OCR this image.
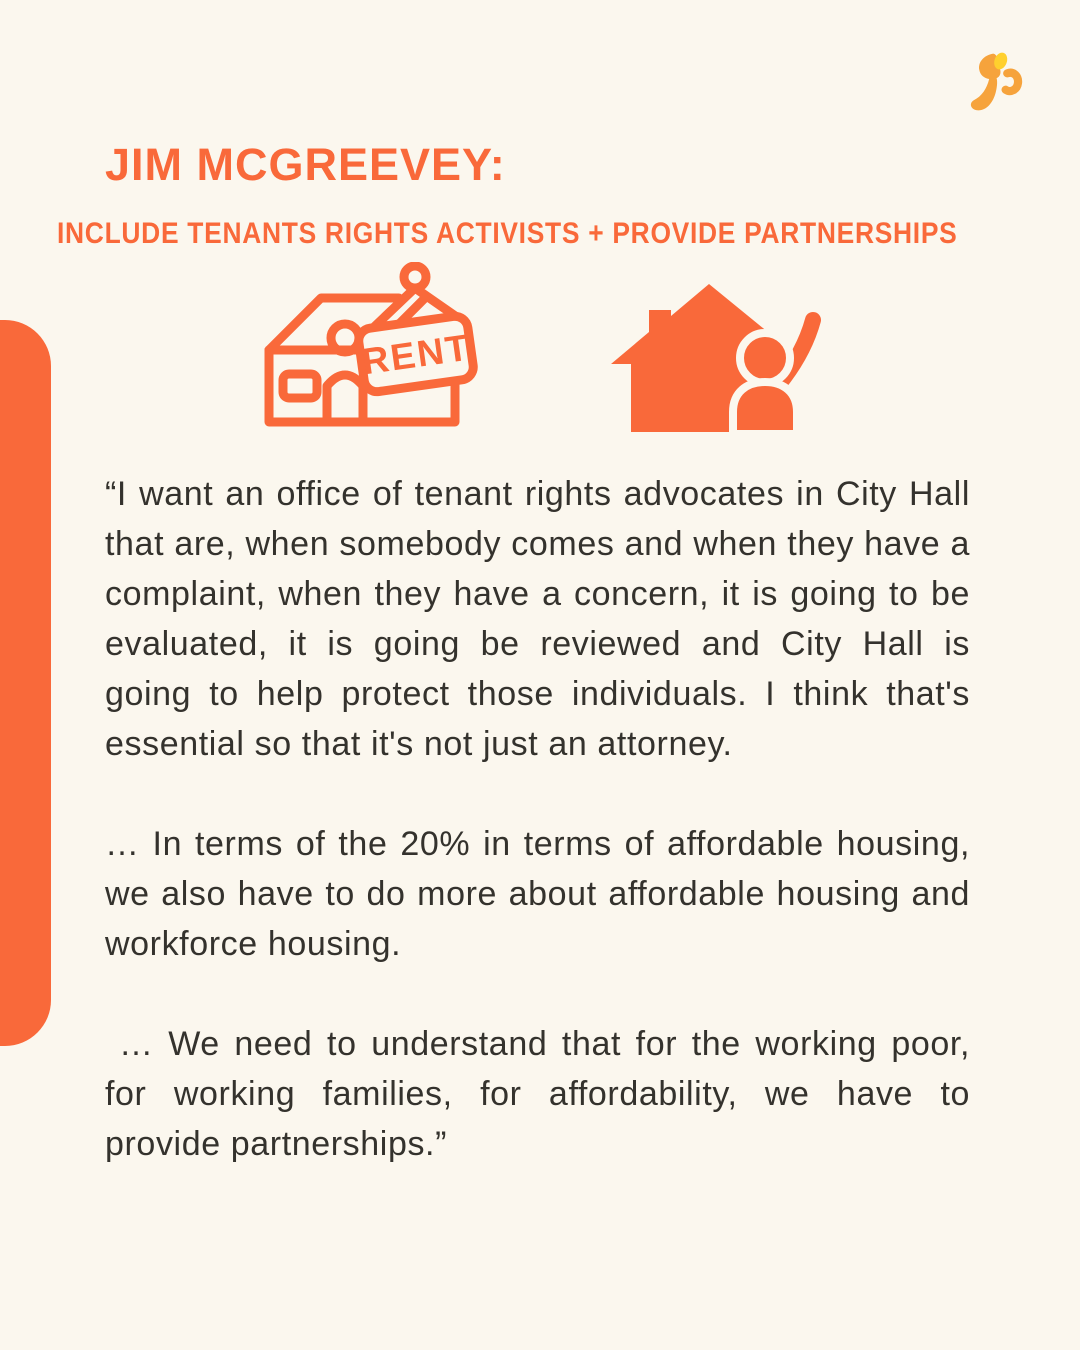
JIM MCGREEVEY:
INCLUDE TENANTS RIGHTS ACTIVISTS + PROVIDE PARTNERSHIPS
RENT

“I want an office of tenant rights advocates in City Hall that are, when somebody comes and when they have a complaint, when they have a concern, it is going to be evaluated, it is going be reviewed and City Hall is going to help protect those individuals. I think that's essential so that it's not just an attorney.

… In terms of the 20% in terms of affordable housing, we also have to do more about affordable housing and workforce housing.

… We need to understand that for the working poor, for working families, for affordability, we have to provide partnerships.”
